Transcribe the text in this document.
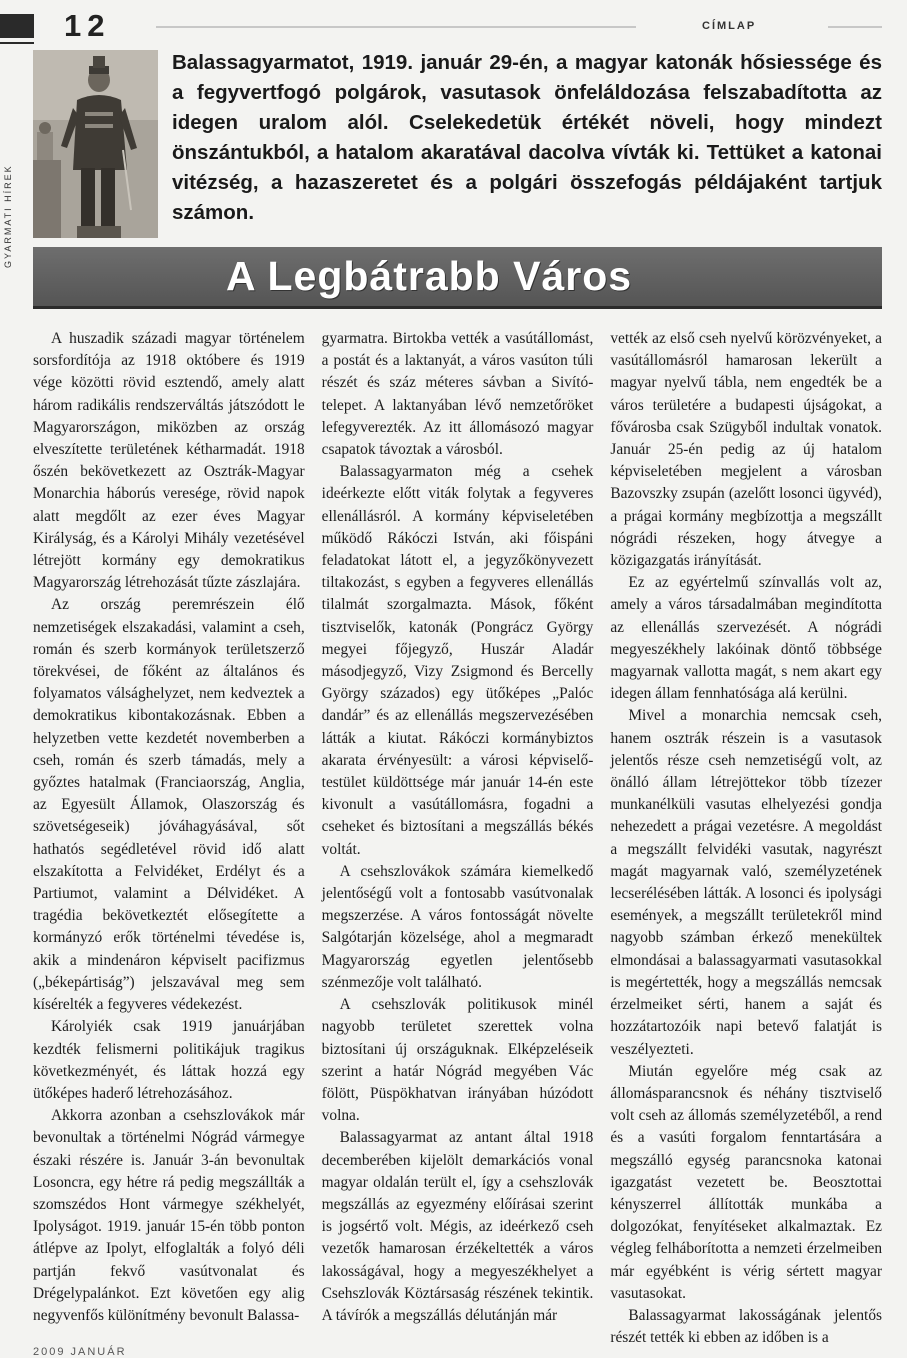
12	CÍMLAP
GYARMATI HÍREK
Balassagyarmatot, 1919. január 29-én, a magyar katonák hősiessége és a fegyvertfogó polgárok, vasutasok önfeláldozása felszabadította az idegen uralom alól. Cselekedetük értékét növeli, hogy mindezt önszántukból, a hatalom akaratával dacolva vívták ki. Tettüket a katonai vitézség, a hazaszeretet és a polgári összefogás példájaként tartjuk számon.
A Legbátrabb Város

A huszadik századi magyar történelem sorsfordítója az 1918 októbere és 1919 vége közötti rövid esztendő, amely alatt három radikális rendszerváltás játszódott le Magyarországon, miközben az ország elveszítette területének kétharmadát. 1918 őszén bekövetkezett az Osztrák-Magyar Monarchia háborús veresége, rövid napok alatt megdőlt az ezer éves Magyar Királyság, és a Károlyi Mihály vezetésével létrejött kormány egy demokratikus Magyarország létrehozását tűzte zászlajára.

Az ország peremrészein élő nemzetiségek elszakadási, valamint a cseh, román és szerb kormányok területszerző törekvései, de főként az általános és folyamatos válsághelyzet, nem kedveztek a demokratikus kibontakozásnak. Ebben a helyzetben vette kezdetét novemberben a cseh, román és szerb támadás, mely a győztes hatalmak (Franciaország, Anglia, az Egyesült Államok, Olaszország és szövetségeseik) jóváhagyásával, sőt hathatós segédletével rövid idő alatt elszakította a Felvidéket, Erdélyt és a Partiumot, valamint a Délvidéket. A tragédia bekövetkeztét elősegítette a kormányzó erők történelmi tévedése is, akik a mindenáron képviselt pacifizmus („békepártiság”) jelszavával meg sem kísérelték a fegyveres védekezést.

Károlyiék csak 1919 januárjában kezdték felismerni politikájuk tragikus következményét, és láttak hozzá egy ütőképes haderő létrehozásához.

Akkorra azonban a csehszlovákok már bevonultak a történelmi Nógrád vármegye északi részére is. Január 3-án bevonultak Losoncra, egy hétre rá pedig megszállták a szomszédos Hont vármegye székhelyét, Ipolyságot. 1919. január 15-én több ponton átlépve az Ipolyt, elfoglalták a folyó déli partján fekvő vasútvonalat és Drégelypalánkot. Ezt követően egy alig negyvenfős különítmény bevonult Balassa-

gyarmatra. Birtokba vették a vasútállomást, a postát és a laktanyát, a város vasúton túli részét és száz méteres sávban a Sivító-telepet. A laktanyában lévő nemzetőröket lefegyverezték. Az itt állomásozó magyar csapatok távoztak a városból.

Balassagyarmaton még a csehek ideérkezte előtt viták folytak a fegyveres ellenállásról. A kormány képviseletében működő Rákóczi István, aki főispáni feladatokat látott el, a jegyzőkönyvezett tiltakozást, s egyben a fegyveres ellenállás tilalmát szorgalmazta. Mások, főként tisztviselők, katonák (Pongrácz György megyei főjegyző, Huszár Aladár másodjegyző, Vizy Zsigmond és Bercelly György százados) egy ütőképes „Palóc dandár” és az ellenállás megszervezésében látták a kiutat. Rákóczi kormánybiztos akarata érvényesült: a városi képviselő-testület küldöttsége már január 14-én este kivonult a vasútállomásra, fogadni a cseheket és biztosítani a megszállás békés voltát.

A csehszlovákok számára kiemelkedő jelentőségű volt a fontosabb vasútvonalak megszerzése. A város fontosságát növelte Salgótarján közelsége, ahol a megmaradt Magyarország egyetlen jelentősebb szénmezője volt található.

A csehszlovák politikusok minél nagyobb területet szerettek volna biztosítani új országuknak. Elképzeléseik szerint a határ Nógrád megyében Vác fölött, Püspökhatvan irányában húzódott volna.

Balassagyarmat az antant által 1918 decemberében kijelölt demarkációs vonal magyar oldalán terült el, így a csehszlovák megszállás az egyezmény előírásai szerint is jogsértő volt. Mégis, az ideérkező cseh vezetők hamarosan érzékeltették a város lakosságával, hogy a megyeszékhelyet a Csehszlovák Köztársaság részének tekintik. A távírók a megszállás délutánján már

vették az első cseh nyelvű körözvényeket, a vasútállomásról hamarosan lekerült a magyar nyelvű tábla, nem engedték be a város területére a budapesti újságokat, a fővárosba csak Szügyből indultak vonatok. Január 25-én pedig az új hatalom képviseletében megjelent a városban Bazovszky zsupán (azelőtt losonci ügyvéd), a prágai kormány megbízottja a megszállt nógrádi részeken, hogy átvegye a közigazgatás irányítását.

Ez az egyértelmű színvallás volt az, amely a város társadalmában megindította az ellenállás szervezését. A nógrádi megyeszékhely lakóinak döntő többsége magyarnak vallotta magát, s nem akart egy idegen állam fennhatósága alá kerülni.

Mivel a monarchia nemcsak cseh, hanem osztrák részein is a vasutasok jelentős része cseh nemzetiségű volt, az önálló állam létrejöttekor több tízezer munkanélküli vasutas elhelyezési gondja nehezedett a prágai vezetésre. A megoldást a megszállt felvidéki vasutak, nagyrészt magát magyarnak való, személyzetének lecserélésében látták. A losonci és ipolysági események, a megszállt területekről mind nagyobb számban érkező menekültek elmondásai a balassagyarmati vasutasokkal is megértették, hogy a megszállás nemcsak érzelmeiket sérti, hanem a saját és hozzátartozóik napi betevő falatját is veszélyezteti.

Miután egyelőre még csak az állomásparancsnok és néhány tisztviselő volt cseh az állomás személyzetéből, a rend és a vasúti forgalom fenntartására a megszálló egység parancsnoka katonai igazgatást vezetett be. Beosztottai kényszerrel állították munkába a dolgozókat, fenyítéseket alkalmaztak. Ez végleg felháborította a nemzeti érzelmeiben már egyébként is vérig sértett magyar vasutasokat.

Balassagyarmat lakosságának jelentős részét tették ki ebben az időben is a

2009 JANUÁR
